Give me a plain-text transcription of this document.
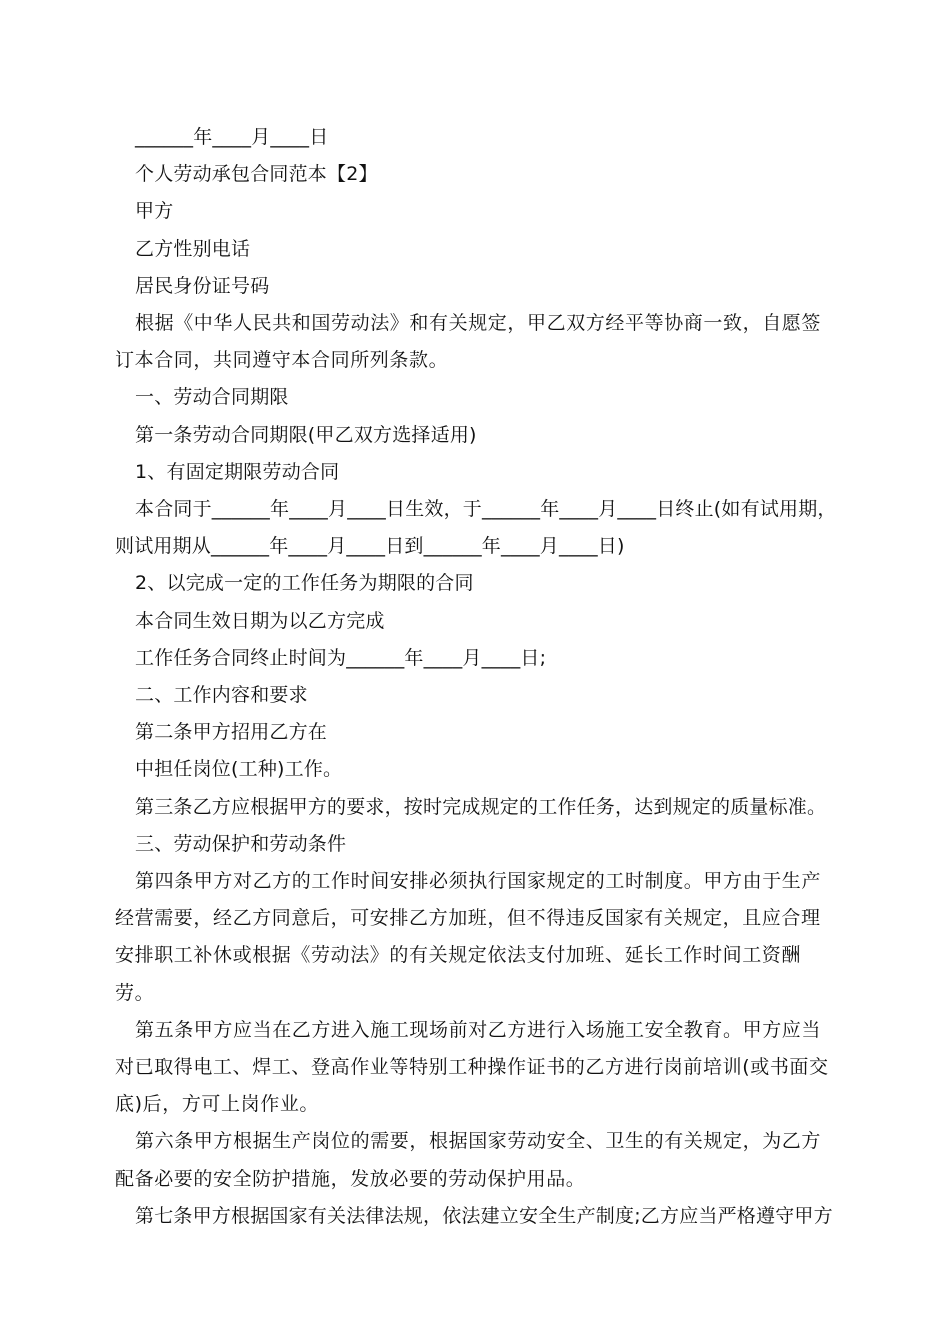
______年____月____日

个人劳动承包合同范本【2】

甲方

乙方性别电话

居民身份证号码

根据《中华人民共和国劳动法》和有关规定，甲乙双方经平等协商一致，自愿签订本合同，共同遵守本合同所列条款。

一、劳动合同期限

第一条劳动合同期限(甲乙双方选择适用)

1、有固定期限劳动合同

本合同于______年____月____日生效，于______年____月____日终止(如有试用期，则试用期从______年____月____日到______年____月____日)

2、以完成一定的工作任务为期限的合同

本合同生效日期为以乙方完成

工作任务合同终止时间为______年____月____日;

二、工作内容和要求

第二条甲方招用乙方在

中担任岗位(工种)工作。

第三条乙方应根据甲方的要求，按时完成规定的工作任务，达到规定的质量标准。

三、劳动保护和劳动条件

第四条甲方对乙方的工作时间安排必须执行国家规定的工时制度。甲方由于生产经营需要，经乙方同意后，可安排乙方加班，但不得违反国家有关规定，且应合理安排职工补休或根据《劳动法》的有关规定依法支付加班、延长工作时间工资酬劳。

第五条甲方应当在乙方进入施工现场前对乙方进行入场施工安全教育。甲方应当对已取得电工、焊工、登高作业等特别工种操作证书的乙方进行岗前培训(或书面交底)后，方可上岗作业。

第六条甲方根据生产岗位的需要，根据国家劳动安全、卫生的有关规定，为乙方配备必要的安全防护措施，发放必要的劳动保护用品。

第七条甲方根据国家有关法律法规，依法建立安全生产制度;乙方应当严格遵守甲方
